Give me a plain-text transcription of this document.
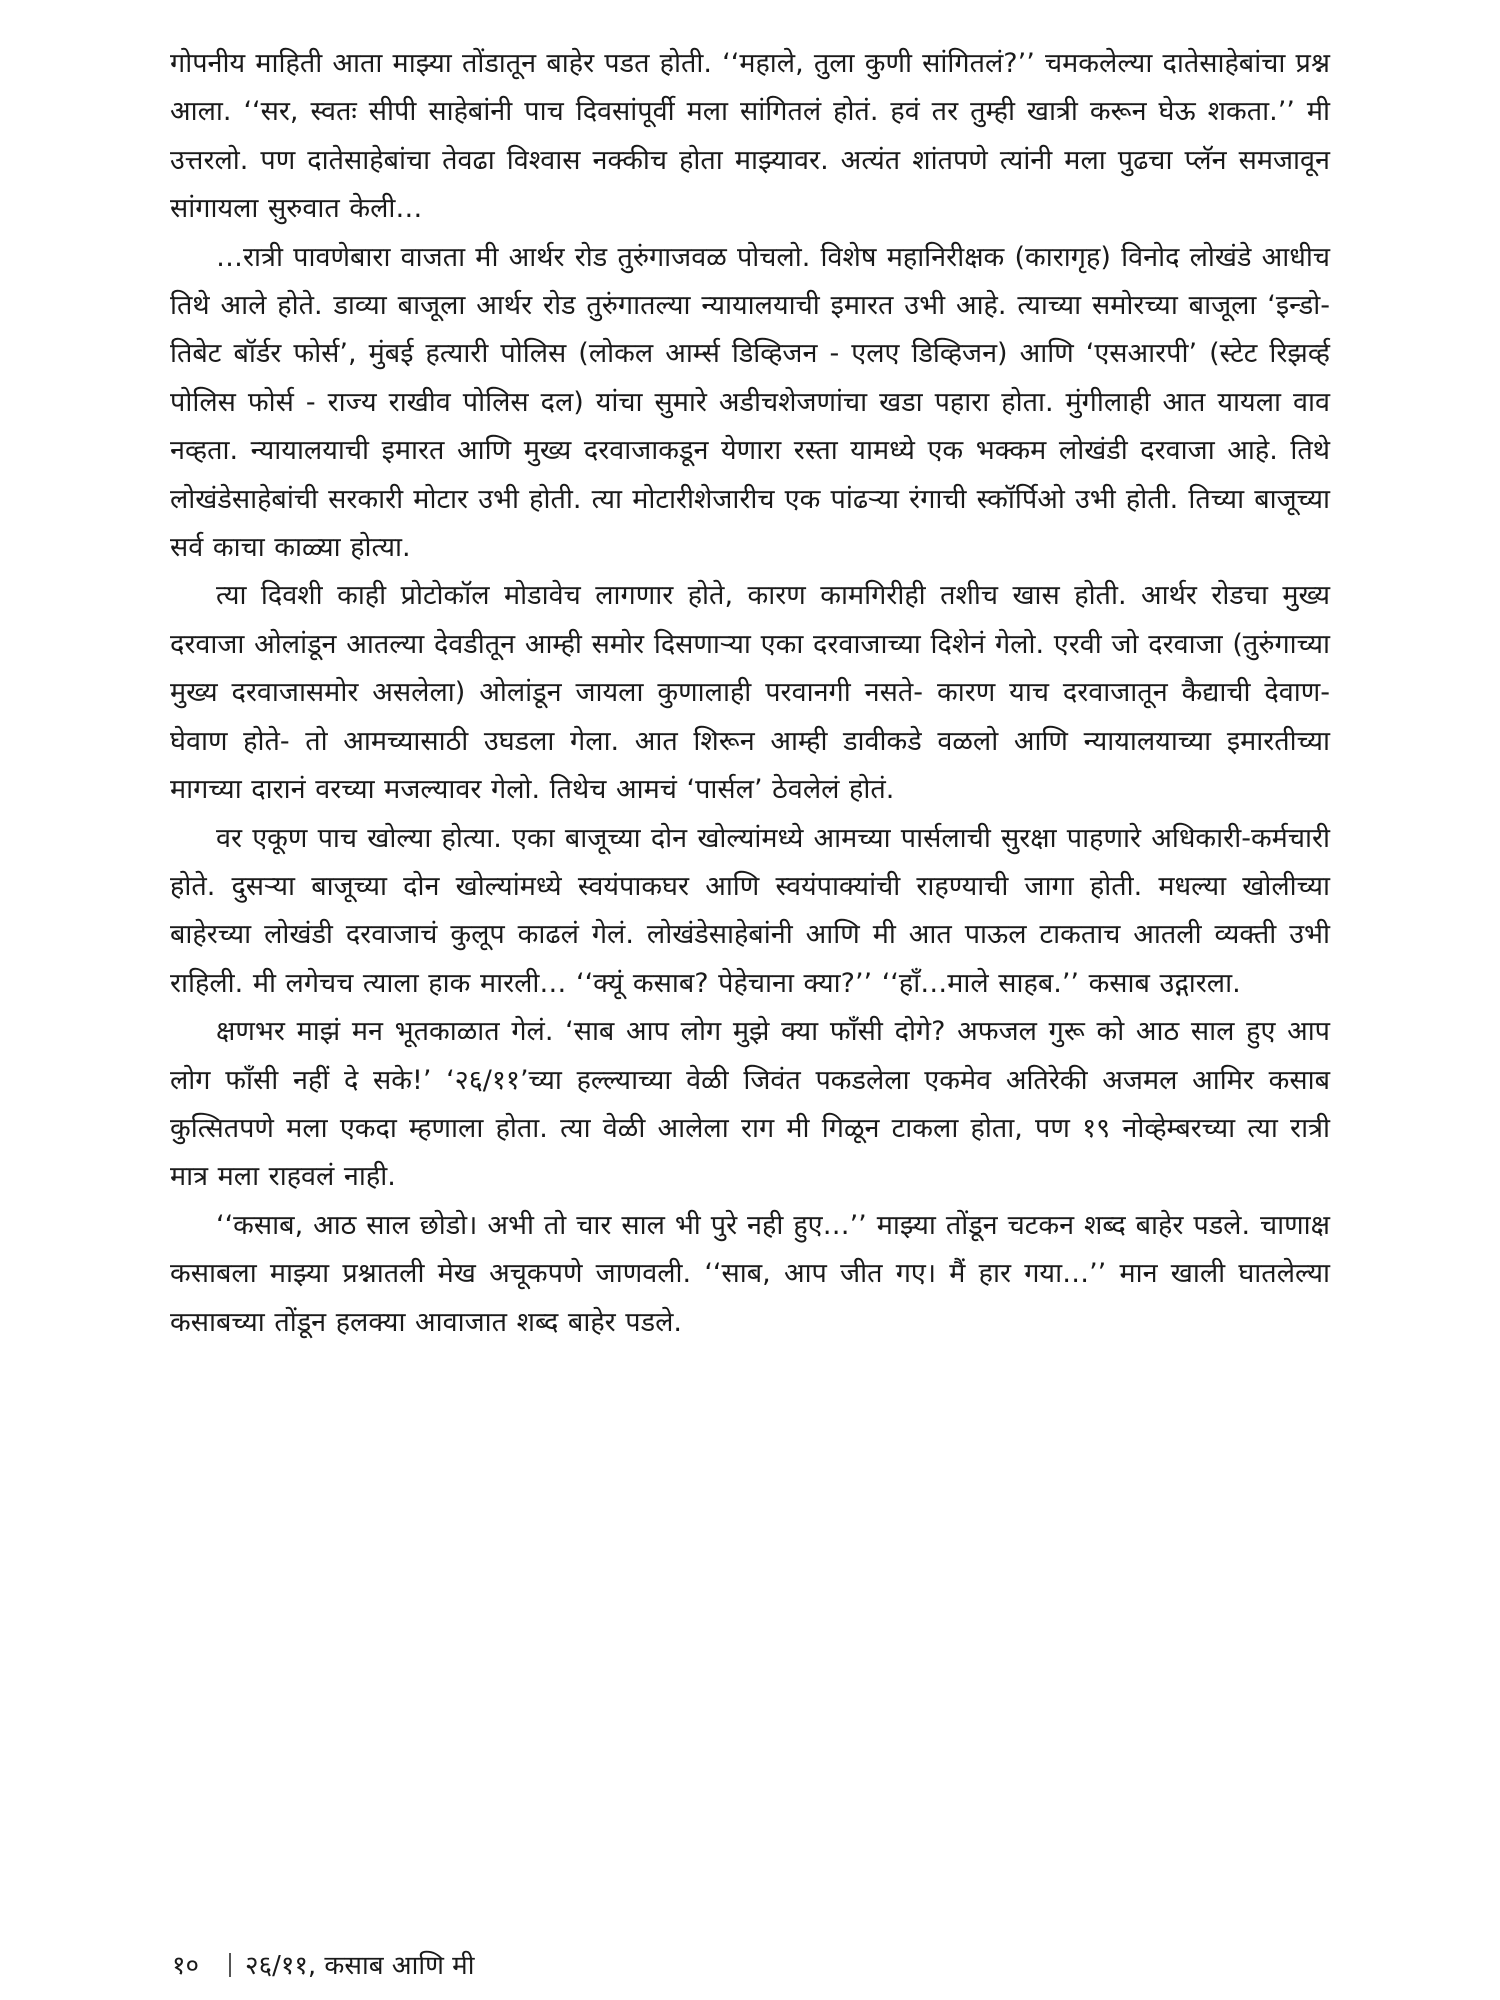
गोपनीय माहिती आता माझ्या तोंडातून बाहेर पडत होती. ‘‘महाले, तुला कुणी सांगितलं?’’ चमकलेल्या दातेसाहेबांचा प्रश्न आला. ‘‘सर, स्वतः सीपी साहेबांनी पाच दिवसांपूर्वी मला सांगितलं होतं. हवं तर तुम्ही खात्री करून घेऊ शकता.’’ मी उत्तरलो. पण दातेसाहेबांचा तेवढा विश्वास नक्कीच होता माझ्यावर. अत्यंत शांतपणे त्यांनी मला पुढचा प्लॅन समजावून सांगायला सुरुवात केली…

…रात्री पावणेबारा वाजता मी आर्थर रोड तुरुंगाजवळ पोचलो. विशेष महानिरीक्षक (कारागृह) विनोद लोखंडे आधीच तिथे आले होते. डाव्या बाजूला आर्थर रोड तुरुंगातल्या न्यायालयाची इमारत उभी आहे. त्याच्या समोरच्या बाजूला ‘इन्डो-तिबेट बॉर्डर फोर्स’, मुंबई हत्यारी पोलिस (लोकल आर्म्स डिव्हिजन - एलए डिव्हिजन) आणि ‘एसआरपी’ (स्टेट रिझर्व्ह पोलिस फोर्स - राज्य राखीव पोलिस दल) यांचा सुमारे अडीचशेजणांचा खडा पहारा होता. मुंगीलाही आत यायला वाव नव्हता. न्यायालयाची इमारत आणि मुख्य दरवाजाकडून येणारा रस्ता यामध्ये एक भक्कम लोखंडी दरवाजा आहे. तिथे लोखंडेसाहेबांची सरकारी मोटार उभी होती. त्या मोटारीशेजारीच एक पांढऱ्या रंगाची स्कॉर्पिओ उभी होती. तिच्या बाजूच्या सर्व काचा काळ्या होत्या.

त्या दिवशी काही प्रोटोकॉल मोडावेच लागणार होते, कारण कामगिरीही तशीच खास होती. आर्थर रोडचा मुख्य दरवाजा ओलांडून आतल्या देवडीतून आम्ही समोर दिसणाऱ्या एका दरवाजाच्या दिशेनं गेलो. एरवी जो दरवाजा (तुरुंगाच्या मुख्य दरवाजासमोर असलेला) ओलांडून जायला कुणालाही परवानगी नसते- कारण याच दरवाजातून कैद्याची देवाण-घेवाण होते- तो आमच्यासाठी उघडला गेला. आत शिरून आम्ही डावीकडे वळलो आणि न्यायालयाच्या इमारतीच्या मागच्या दारानं वरच्या मजल्यावर गेलो. तिथेच आमचं ‘पार्सल’ ठेवलेलं होतं.

वर एकूण पाच खोल्या होत्या. एका बाजूच्या दोन खोल्यांमध्ये आमच्या पार्सलाची सुरक्षा पाहणारे अधिकारी-कर्मचारी होते. दुसऱ्या बाजूच्या दोन खोल्यांमध्ये स्वयंपाकघर आणि स्वयंपाक्यांची राहण्याची जागा होती. मधल्या खोलीच्या बाहेरच्या लोखंडी दरवाजाचं कुलूप काढलं गेलं. लोखंडेसाहेबांनी आणि मी आत पाऊल टाकताच आतली व्यक्ती उभी राहिली. मी लगेचच त्याला हाक मारली… ‘‘क्यूं कसाब? पेहेचाना क्या?’’ ‘‘हाँ…माले साहब.’’ कसाब उद्गारला.

क्षणभर माझं मन भूतकाळात गेलं. ‘साब आप लोग मुझे क्या फाँसी दोगे? अफजल गुरू को आठ साल हुए आप लोग फाँसी नहीं दे सके!’ ‘२६/११’च्या हल्ल्याच्या वेळी जिवंत पकडलेला एकमेव अतिरेकी अजमल आमिर कसाब कुत्सितपणे मला एकदा म्हणाला होता. त्या वेळी आलेला राग मी गिळून टाकला होता, पण १९ नोव्हेम्बरच्या त्या रात्री मात्र मला राहवलं नाही.

‘‘कसाब, आठ साल छोडो। अभी तो चार साल भी पुरे नही हुए…’’ माझ्या तोंडून चटकन शब्द बाहेर पडले. चाणाक्ष कसाबला माझ्या प्रश्नातली मेख अचूकपणे जाणवली. ‘‘साब, आप जीत गए। मैं हार गया…’’ मान खाली घातलेल्या कसाबच्या तोंडून हलक्या आवाजात शब्द बाहेर पडले.

१० २६/११, कसाब आणि मी
